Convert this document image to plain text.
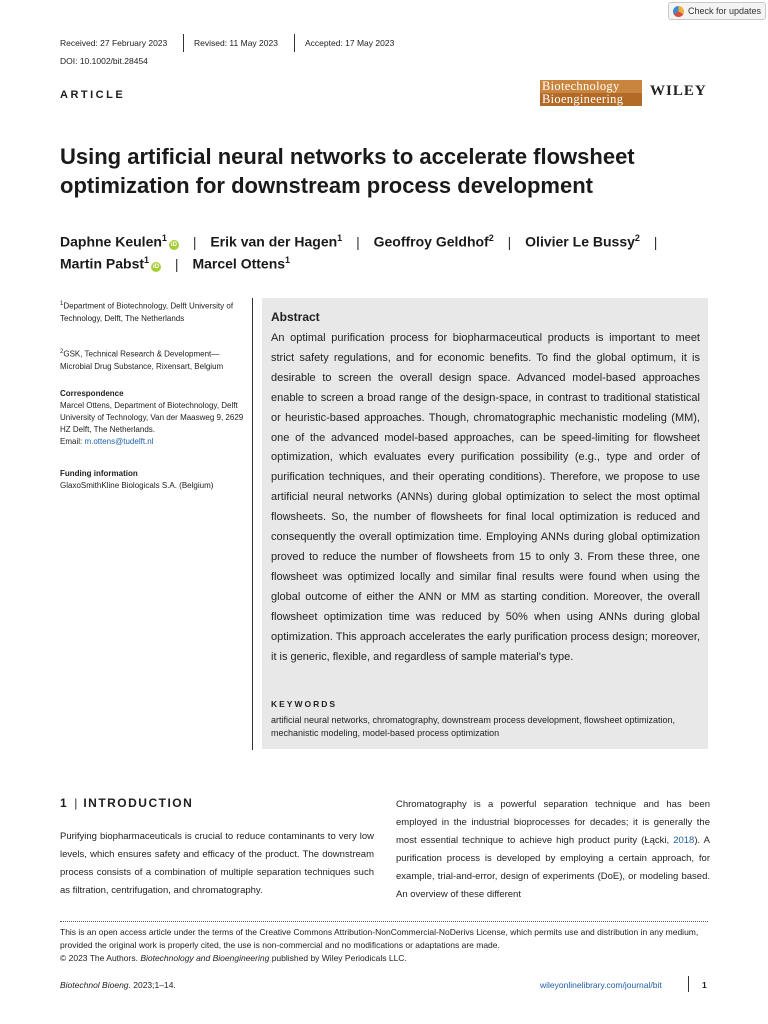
Check for updates
Received: 27 February 2023	Revised: 11 May 2023	Accepted: 17 May 2023
DOI: 10.1002/bit.28454
ARTICLE
Biotechnology
Bioengineering	WILEY
Using artificial neural networks to accelerate flowsheet optimization for downstream process development
Daphne Keulen$^1$iD | Erik van der Hagen$^1$ | Geoffroy Geldhof$^2$ | Olivier Le Bussy$^2$ |
Martin Pabst$^1$iD | Marcel Ottens$^1$
$^1$Department of Biotechnology, Delft University of Technology, Delft, The Netherlands
$^2$GSK, Technical Research & Development—Microbial Drug Substance, Rixensart, Belgium
Correspondence
Marcel Ottens, Department of Biotechnology, Delft University of Technology, Van der Maasweg 9, 2629 HZ Delft, The Netherlands.
Email: m.ottens@tudelft.nl
Funding information
GlaxoSmithKline Biologicals S.A. (Belgium)
Abstract
An optimal purification process for biopharmaceutical products is important to meet strict safety regulations, and for economic benefits. To find the global optimum, it is desirable to screen the overall design space. Advanced model-based approaches enable to screen a broad range of the design-space, in contrast to traditional statistical or heuristic-based approaches. Though, chromatographic mechanistic modeling (MM), one of the advanced model-based approaches, can be speed-limiting for flowsheet optimization, which evaluates every purification possibility (e.g., type and order of purification techniques, and their operating conditions). Therefore, we propose to use artificial neural networks (ANNs) during global optimization to select the most optimal flowsheets. So, the number of flowsheets for final local optimization is reduced and consequently the overall optimization time. Employing ANNs during global optimization proved to reduce the number of flowsheets from 15 to only 3. From these three, one flowsheet was optimized locally and similar final results were found when using the global outcome of either the ANN or MM as starting condition. Moreover, the overall flowsheet optimization time was reduced by 50% when using ANNs during global optimization. This approach accelerates the early purification process design; moreover, it is generic, flexible, and regardless of sample material's type.
KEYWORDS
artificial neural networks, chromatography, downstream process development, flowsheet optimization, mechanistic modeling, model-based process optimization
1 | INTRODUCTION
Purifying biopharmaceuticals is crucial to reduce contaminants to very low levels, which ensures safety and efficacy of the product. The downstream process consists of a combination of multiple separation techniques such as filtration, centrifugation, and chromatography.
Chromatography is a powerful separation technique and has been employed in the industrial bioprocesses for decades; it is generally the most essential technique to achieve high product purity (Łącki, 2018). A purification process is developed by employing a certain approach, for example, trial-and-error, design of experiments (DoE), or modeling based. An overview of these different
This is an open access article under the terms of the Creative Commons Attribution-NonCommercial-NoDerivs License, which permits use and distribution in any medium, provided the original work is properly cited, the use is non-commercial and no modifications or adaptations are made.
© 2023 The Authors. Biotechnology and Bioengineering published by Wiley Periodicals LLC.
Biotechnol Bioeng. 2023;1–14.	wileyonlinelibrary.com/journal/bit	1
